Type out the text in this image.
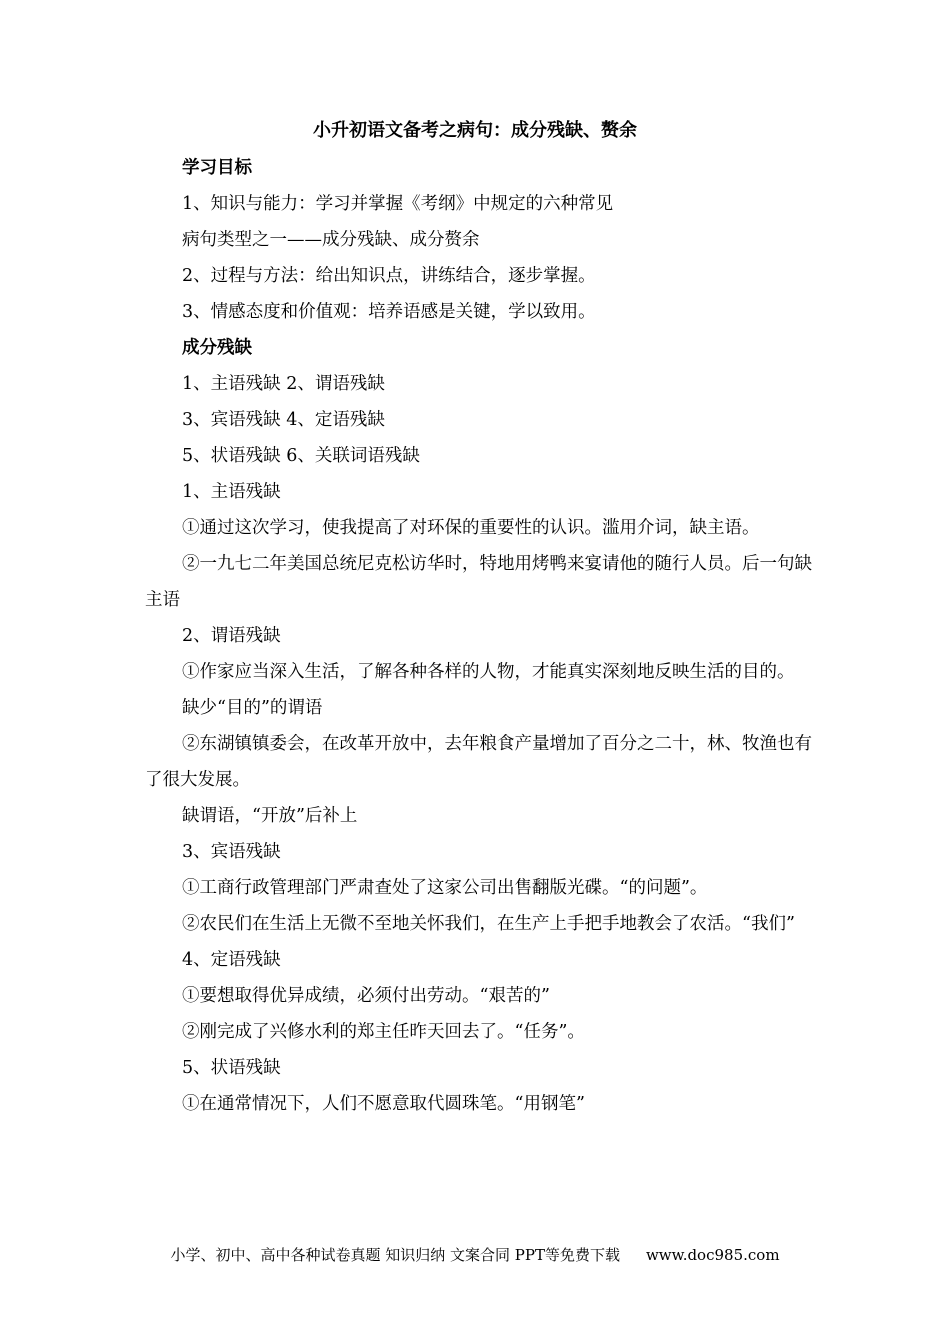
小升初语文备考之病句：成分残缺、赘余

学习目标

1、知识与能力：学习并掌握《考纲》中规定的六种常见

病句类型之一——成分残缺、成分赘余

2、过程与方法：给出知识点，讲练结合，逐步掌握。

3、情感态度和价值观：培养语感是关键，学以致用。

成分残缺

1、主语残缺 2、谓语残缺

3、宾语残缺 4、定语残缺

5、状语残缺 6、关联词语残缺

1、主语残缺

①通过这次学习，使我提高了对环保的重要性的认识。滥用介词，缺主语。

②一九七二年美国总统尼克松访华时，特地用烤鸭来宴请他的随行人员。后一句缺主语

2、谓语残缺

①作家应当深入生活，了解各种各样的人物，才能真实深刻地反映生活的目的。

缺少“目的”的谓语

②东湖镇镇委会，在改革开放中，去年粮食产量增加了百分之二十，林、牧渔也有了很大发展。

缺谓语，“开放”后补上

3、宾语残缺

①工商行政管理部门严肃查处了这家公司出售翻版光碟。“的问题”。

②农民们在生活上无微不至地关怀我们，在生产上手把手地教会了农活。“我们”

4、定语残缺

①要想取得优异成绩，必须付出劳动。“艰苦的”

②刚完成了兴修水利的郑主任昨天回去了。“任务”。

5、状语残缺

①在通常情况下，人们不愿意取代圆珠笔。“用钢笔”

小学、初中、高中各种试卷真题 知识归纳 文案合同 PPT等免费下载 www.doc985.com
